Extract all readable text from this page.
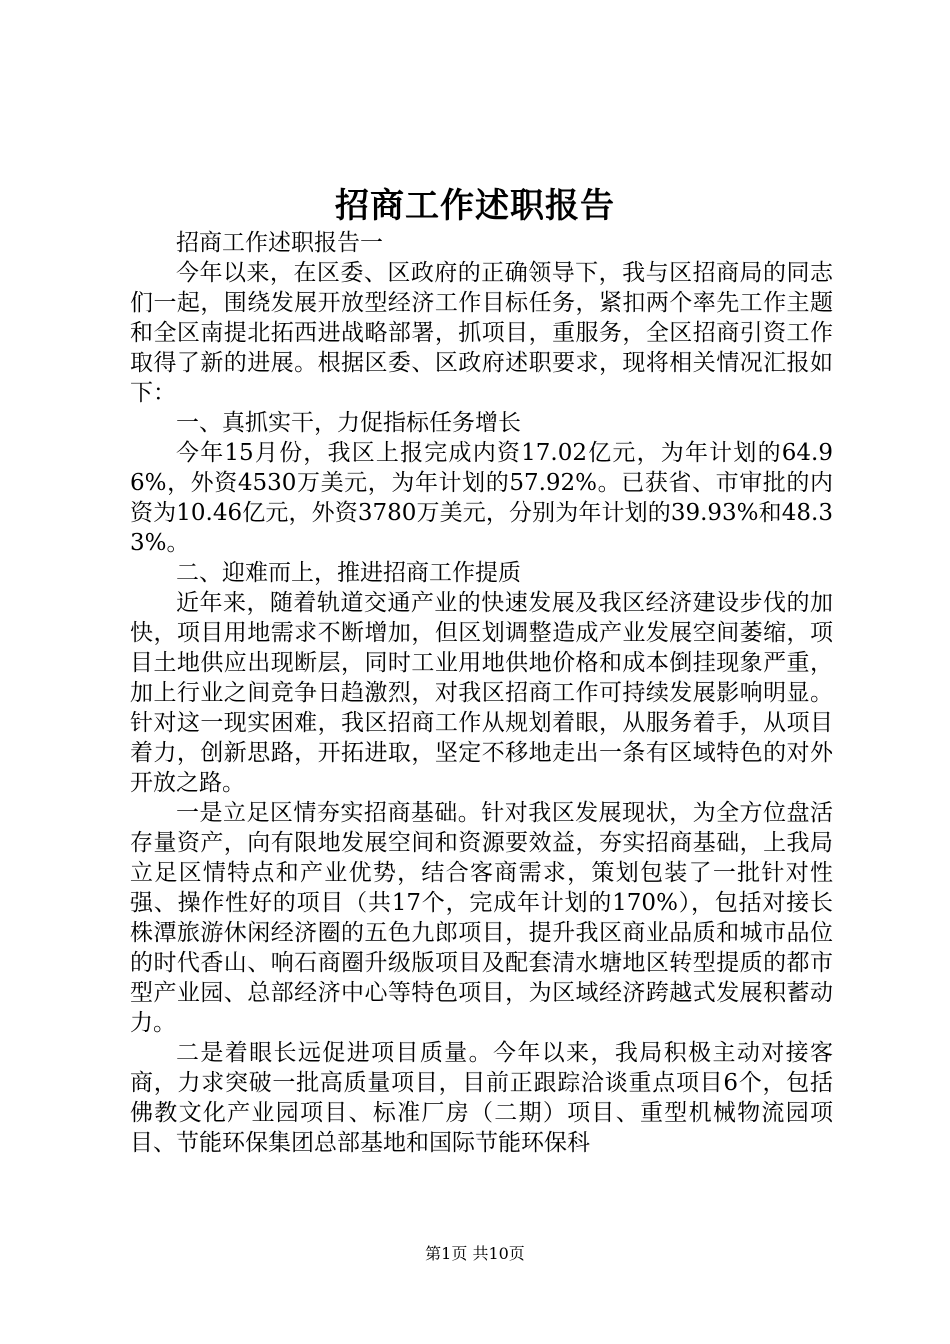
招商工作述职报告

招商工作述职报告一

今年以来，在区委、区政府的正确领导下，我与区招商局的同志们一起，围绕发展开放型经济工作目标任务，紧扣两个率先工作主题和全区南提北拓西进战略部署，抓项目，重服务，全区招商引资工作取得了新的进展。根据区委、区政府述职要求，现将相关情况汇报如下：

一、真抓实干，力促指标任务增长

今年15月份，我区上报完成内资17.02亿元，为年计划的64.96%，外资4530万美元，为年计划的57.92%。已获省、市审批的内资为10.46亿元，外资3780万美元，分别为年计划的39.93%和48.33%。

二、迎难而上，推进招商工作提质

近年来，随着轨道交通产业的快速发展及我区经济建设步伐的加快，项目用地需求不断增加，但区划调整造成产业发展空间萎缩，项目土地供应出现断层，同时工业用地供地价格和成本倒挂现象严重，加上行业之间竞争日趋激烈，对我区招商工作可持续发展影响明显。针对这一现实困难，我区招商工作从规划着眼，从服务着手，从项目着力，创新思路，开拓进取，坚定不移地走出一条有区域特色的对外开放之路。

一是立足区情夯实招商基础。针对我区发展现状，为全方位盘活存量资产，向有限地发展空间和资源要效益，夯实招商基础，上我局立足区情特点和产业优势，结合客商需求，策划包装了一批针对性强、操作性好的项目（共17个，完成年计划的170%），包括对接长株潭旅游休闲经济圈的五色九郎项目，提升我区商业品质和城市品位的时代香山、响石商圈升级版项目及配套清水塘地区转型提质的都市型产业园、总部经济中心等特色项目，为区域经济跨越式发展积蓄动力。

二是着眼长远促进项目质量。今年以来，我局积极主动对接客商，力求突破一批高质量项目，目前正跟踪洽谈重点项目6个，包括佛教文化产业园项目、标准厂房（二期）项目、重型机械物流园项目、节能环保集团总部基地和国际节能环保科

第1页 共10页
